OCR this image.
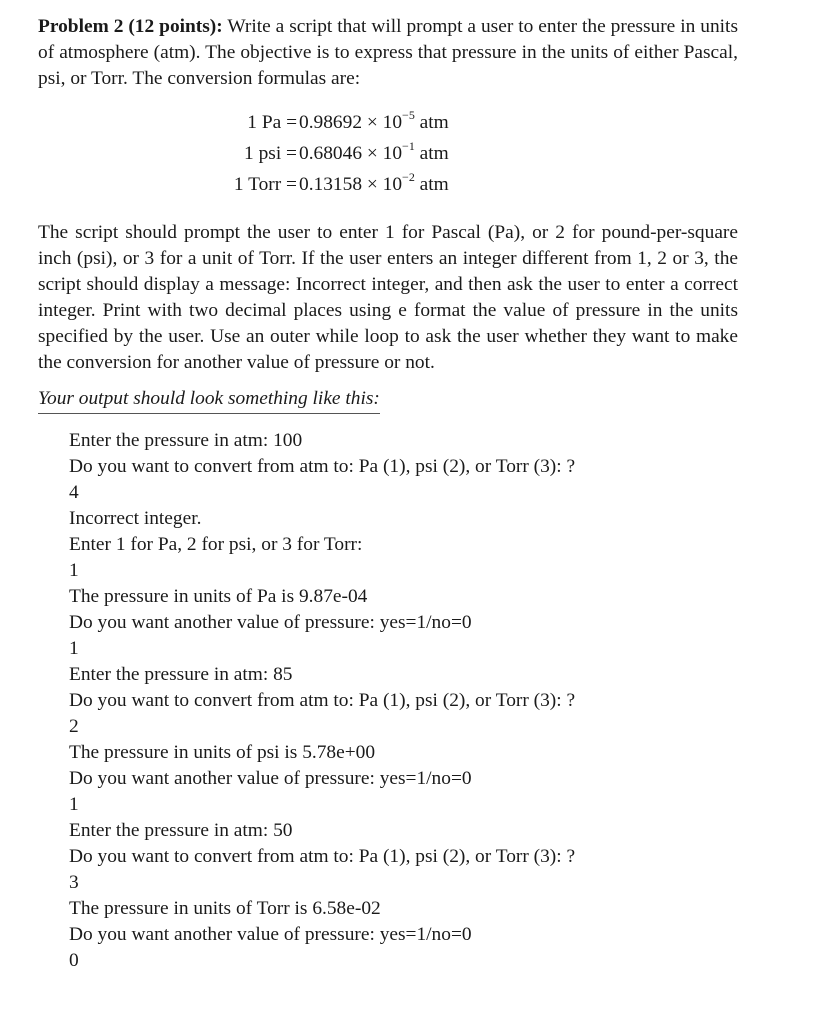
Problem 2 (12 points): Write a script that will prompt a user to enter the pressure in units of atmosphere (atm). The objective is to express that pressure in the units of either Pascal, psi, or Torr. The conversion formulas are:

1 $Pa = 0.98692 \times 10^{-5}$ atm
1 psi = $0.68046 \times 10^{-1}$ atm
1 Torr = $0.13158 \times 10^{-2}$ atm

The script should prompt the user to enter 1 for Pascal (Pa), or 2 for pound-per-square inch (psi), or 3 for a unit of Torr. If the user enters an integer different from 1, 2 or 3, the script should display a message: Incorrect integer, and then ask the user to enter a correct integer. Print with two decimal places using e format the value of pressure in the units specified by the user. Use an outer while loop to ask the user whether they want to make the conversion for another value of pressure or not.

Your output should look something like this:
Enter the pressure in atm: 100
Do you want to convert from atm to: Pa (1), psi (2), or Torr (3): ?
4
Incorrect integer.
Enter 1 for Pa, 2 for psi, or 3 for Torr:
1
The pressure in units of Pa is 9.87e-04
Do you want another value of pressure: yes=1/no=0
1
Enter the pressure in atm: 85
Do you want to convert from atm to: Pa (1), psi (2), or Torr (3): ?
2
The pressure in units of psi is 5.78e+00
Do you want another value of pressure: yes=1/no=0
1
Enter the pressure in atm: 50
Do you want to convert from atm to: Pa (1), psi (2), or Torr (3): ?
3
The pressure in units of Torr is 6.58e-02
Do you want another value of pressure: yes=1/no=0
0
